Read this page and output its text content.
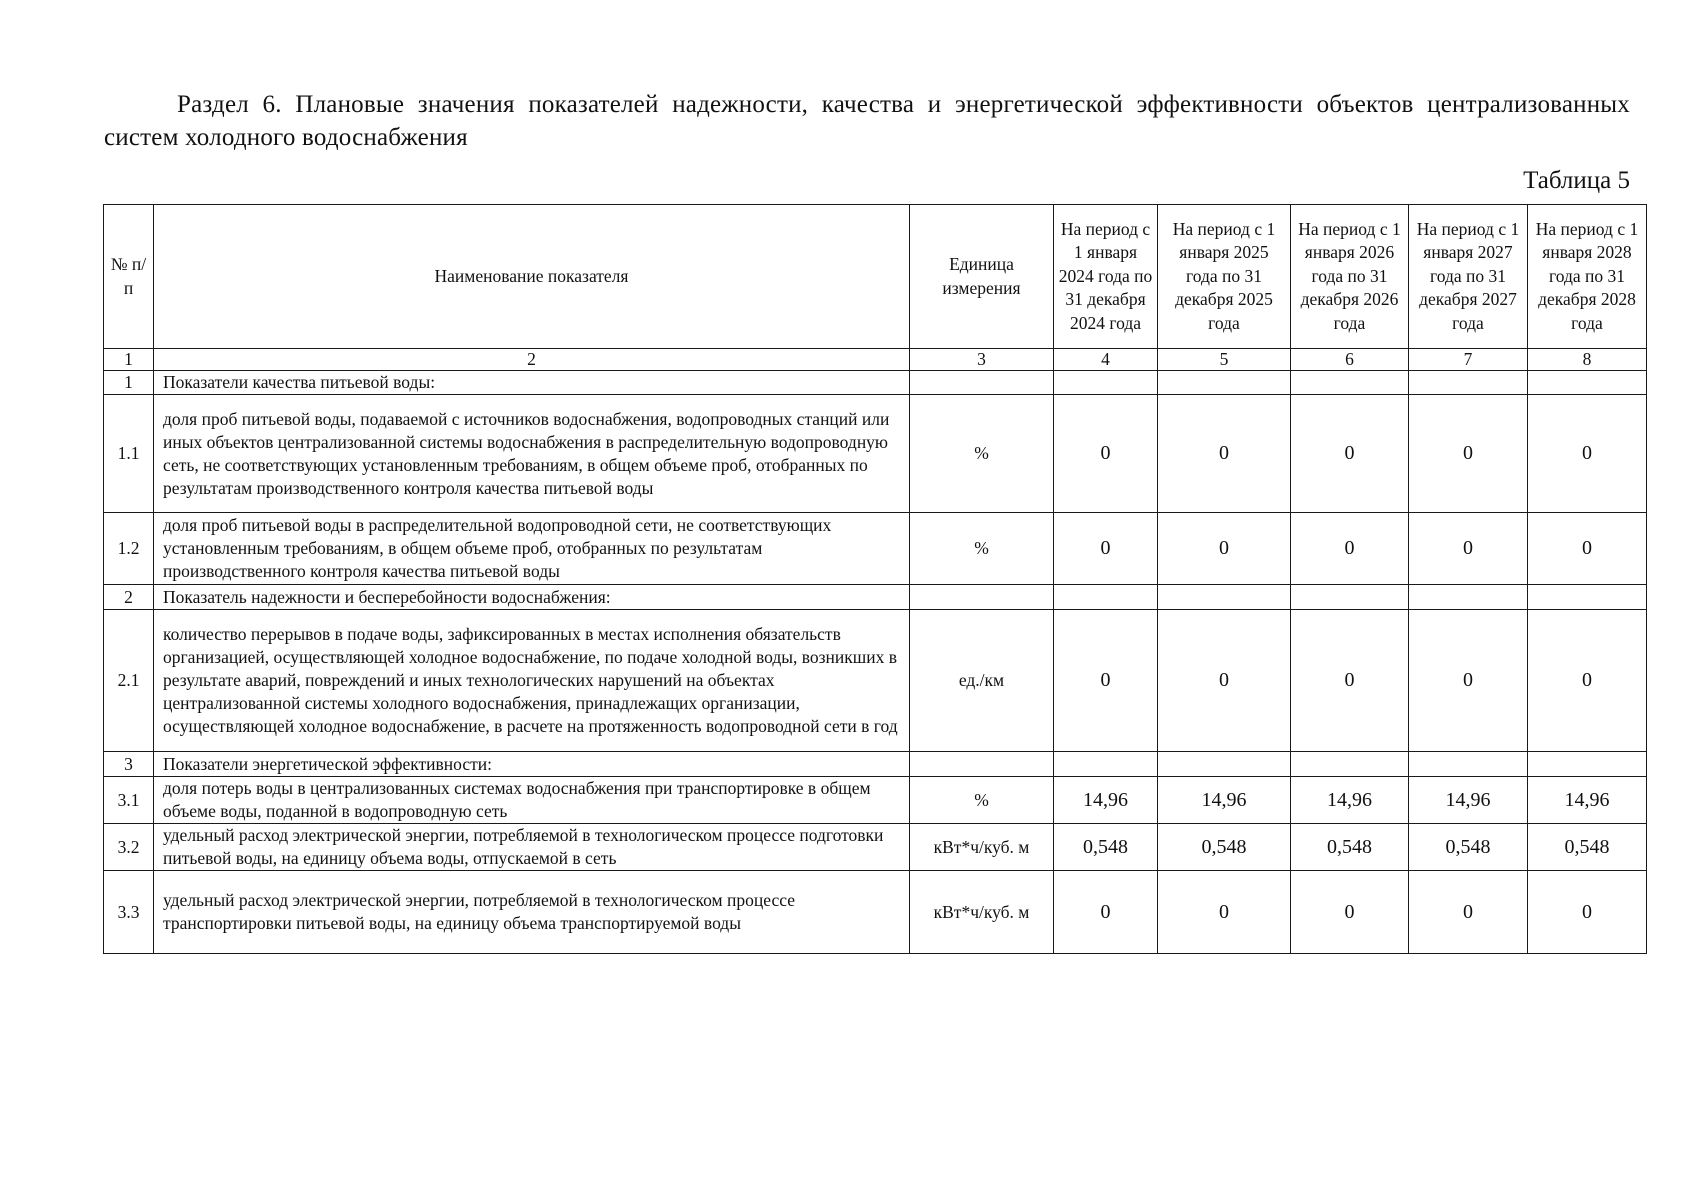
Раздел 6. Плановые значения показателей надежности, качества и энергетической эффективности объектов централизованных систем холодного водоснабжения
Таблица 5
№ п/ п	Наименование показателя	Единица измерения	На период с 1 января 2024 года по 31 декабря 2024 года	На период с 1 января 2025 года по 31 декабря 2025 года	На период с 1 января 2026 года по 31 декабря 2026 года	На период с 1 января 2027 года по 31 декабря 2027 года	На период с 1 января 2028 года по 31 декабря 2028 года
1	2	3	4	5	6	7	8
1	Показатели качества питьевой воды:						
1.1	доля проб питьевой воды, подаваемой с источников водоснабжения, водопроводных станций или иных объектов централизованной системы водоснабжения в распределительную водопроводную сеть, не соответствующих установленным требованиям, в общем объеме проб, отобранных по результатам производственного контроля качества питьевой воды	%	0	0	0	0	0
1.2	доля проб питьевой воды в распределительной водопроводной сети, не соответствующих установленным требованиям, в общем объеме проб, отобранных по результатам производственного контроля качества питьевой воды	%	0	0	0	0	0
2	Показатель надежности и бесперебойности водоснабжения:						
2.1	количество перерывов в подаче воды, зафиксированных в местах исполнения обязательств организацией, осуществляющей холодное водоснабжение, по подаче холодной воды, возникших в результате аварий, повреждений и иных технологических нарушений на объектах централизованной системы холодного водоснабжения, принадлежащих организации, осуществляющей холодное водоснабжение, в расчете на протяженность водопроводной сети в год	ед./км	0	0	0	0	0
3	Показатели энергетической эффективности:						
3.1	доля потерь воды в централизованных системах водоснабжения при транспортировке в общем объеме воды, поданной в водопроводную сеть	%	14,96	14,96	14,96	14,96	14,96
3.2	удельный расход электрической энергии, потребляемой в технологическом процессе подготовки питьевой воды, на единицу объема воды, отпускаемой в сеть	кВт*ч/куб. м	0,548	0,548	0,548	0,548	0,548
3.3	удельный расход электрической энергии, потребляемой в технологическом процессе транспортировки питьевой воды, на единицу объема транспортируемой воды	кВт*ч/куб. м	0	0	0	0	0
